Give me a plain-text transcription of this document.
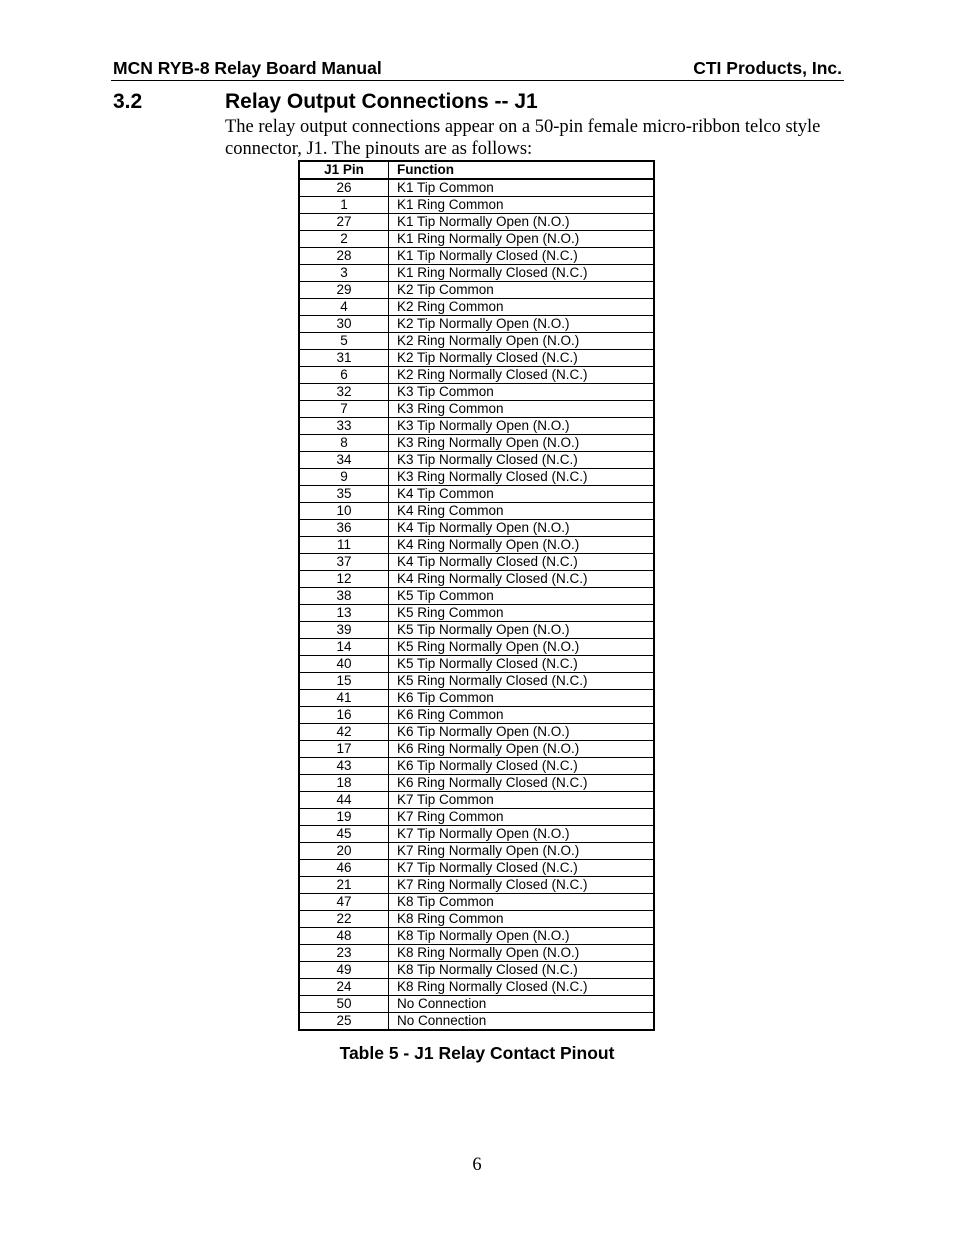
MCN RYB-8 Relay Board Manual	CTI Products, Inc.
3.2	Relay Output Connections -- J1
The relay output connections appear on a 50-pin female micro-ribbon telco style connector, J1. The pinouts are as follows:
J1 Pin	Function
26	K1 Tip Common
1	K1 Ring Common
27	K1 Tip Normally Open (N.O.)
2	K1 Ring Normally Open (N.O.)
28	K1 Tip Normally Closed (N.C.)
3	K1 Ring Normally Closed (N.C.)
29	K2 Tip Common
4	K2 Ring Common
30	K2 Tip Normally Open (N.O.)
5	K2 Ring Normally Open (N.O.)
31	K2 Tip Normally Closed (N.C.)
6	K2 Ring Normally Closed (N.C.)
32	K3 Tip Common
7	K3 Ring Common
33	K3 Tip Normally Open (N.O.)
8	K3 Ring Normally Open (N.O.)
34	K3 Tip Normally Closed (N.C.)
9	K3 Ring Normally Closed (N.C.)
35	K4 Tip Common
10	K4 Ring Common
36	K4 Tip Normally Open (N.O.)
11	K4 Ring Normally Open (N.O.)
37	K4 Tip Normally Closed (N.C.)
12	K4 Ring Normally Closed (N.C.)
38	K5 Tip Common
13	K5 Ring Common
39	K5 Tip Normally Open (N.O.)
14	K5 Ring Normally Open (N.O.)
40	K5 Tip Normally Closed (N.C.)
15	K5 Ring Normally Closed (N.C.)
41	K6 Tip Common
16	K6 Ring Common
42	K6 Tip Normally Open (N.O.)
17	K6 Ring Normally Open (N.O.)
43	K6 Tip Normally Closed (N.C.)
18	K6 Ring Normally Closed (N.C.)
44	K7 Tip Common
19	K7 Ring Common
45	K7 Tip Normally Open (N.O.)
20	K7 Ring Normally Open (N.O.)
46	K7 Tip Normally Closed (N.C.)
21	K7 Ring Normally Closed (N.C.)
47	K8 Tip Common
22	K8 Ring Common
48	K8 Tip Normally Open (N.O.)
23	K8 Ring Normally Open (N.O.)
49	K8 Tip Normally Closed (N.C.)
24	K8 Ring Normally Closed (N.C.)
50	No Connection
25	No Connection
Table 5 - J1 Relay Contact Pinout
6
